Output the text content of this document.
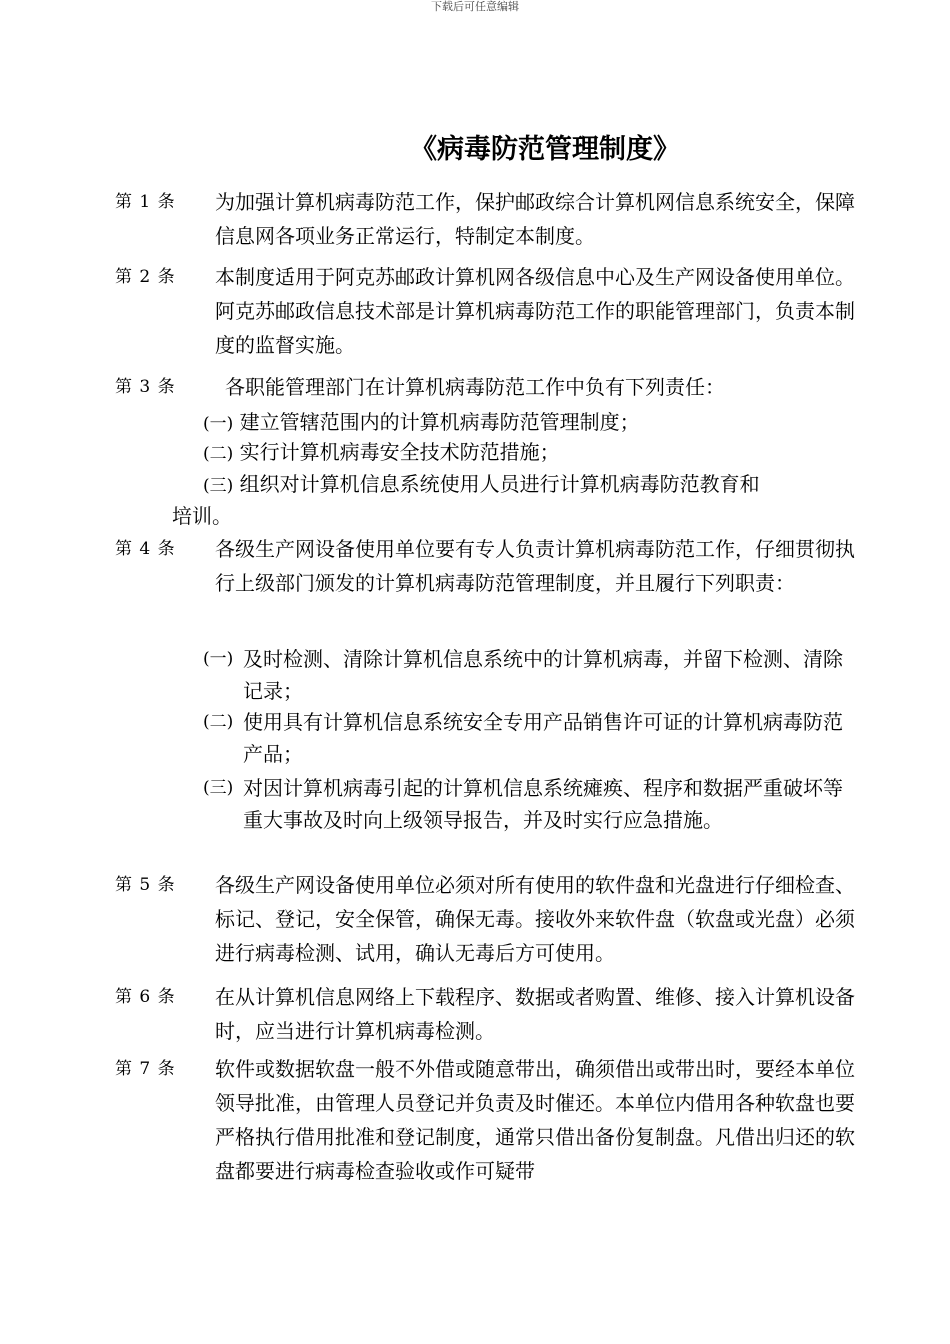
下载后可任意编辑
《病毒防范管理制度》
第 1 条 为加强计算机病毒防范工作，保护邮政综合计算机网信息系统安全，保障信息网各项业务正常运行，特制定本制度。
第 2 条 本制度适用于阿克苏邮政计算机网各级信息中心及生产网设备使用单位。阿克苏邮政信息技术部是计算机病毒防范工作的职能管理部门，负责本制度的监督实施。
第 3 条	各职能管理部门在计算机病毒防范工作中负有下列责任：
(一) 建立管辖范围内的计算机病毒防范管理制度；
(二) 实行计算机病毒安全技术防范措施；
(三) 组织对计算机信息系统使用人员进行计算机病毒防范教育和
培训。
第 4 条 各级生产网设备使用单位要有专人负责计算机病毒防范工作，仔细贯彻执行上级部门颁发的计算机病毒防范管理制度，并且履行下列职责：
(一) 及时检测、清除计算机信息系统中的计算机病毒，并留下检测、清除记录；
(二) 使用具有计算机信息系统安全专用产品销售许可证的计算机病毒防范产品；
(三) 对因计算机病毒引起的计算机信息系统瘫痪、程序和数据严重破坏等重大事故及时向上级领导报告，并及时实行应急措施。
第 5 条 各级生产网设备使用单位必须对所有使用的软件盘和光盘进行仔细检查、标记、登记，安全保管，确保无毒。接收外来软件盘（软盘或光盘）必须进行病毒检测、试用，确认无毒后方可使用。
第 6 条 在从计算机信息网络上下载程序、数据或者购置、维修、接入计算机设备时，应当进行计算机病毒检测。
第 7 条 软件或数据软盘一般不外借或随意带出，确须借出或带出时，要经本单位领导批准，由管理人员登记并负责及时催还。本单位内借用各种软盘也要严格执行借用批准和登记制度，通常只借出备份复制盘。凡借出归还的软盘都要进行病毒检查验收或作可疑带
